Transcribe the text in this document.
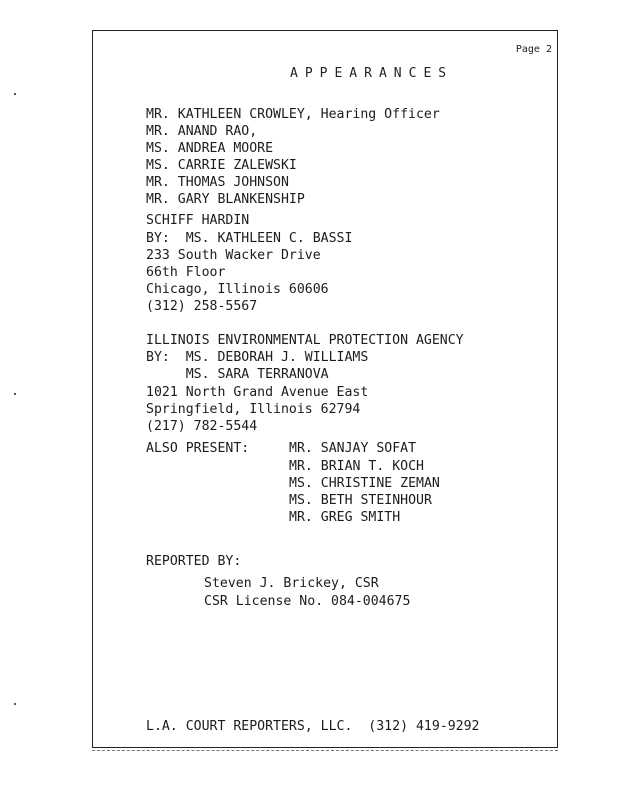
Page 2
APPEARANCES
MR. KATHLEEN CROWLEY, Hearing Officer
MR. ANAND RAO,
MS. ANDREA MOORE
MS. CARRIE ZALEWSKI
MR. THOMAS JOHNSON
MR. GARY BLANKENSHIP
SCHIFF HARDIN
BY:  MS. KATHLEEN C. BASSI
233 South Wacker Drive
66th Floor
Chicago, Illinois 60606
(312) 258-5567
ILLINOIS ENVIRONMENTAL PROTECTION AGENCY
BY:  MS. DEBORAH J. WILLIAMS
MS. SARA TERRANOVA
1021 North Grand Avenue East
Springfield, Illinois 62794
(217) 782-5544
ALSO PRESENT:	MR. SANJAY SOFAT
MR. BRIAN T. KOCH
MS. CHRISTINE ZEMAN
MS. BETH STEINHOUR
MR. GREG SMITH
REPORTED BY:
Steven J. Brickey, CSR
CSR License No. 084-004675
L.A. COURT REPORTERS, LLC.  (312) 419-9292
